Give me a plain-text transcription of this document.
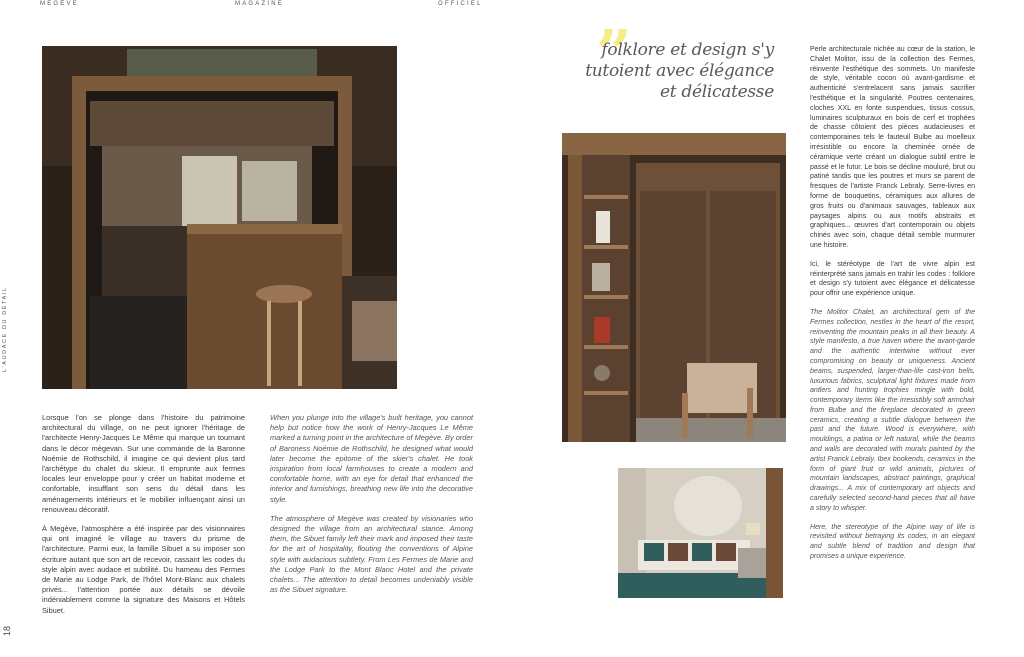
MEGÈVE	MAGAZINE	OFFICIEL
L'AUDACE DU DÉTAIL
18
”
folklore et design s'y tutoient avec élégance et délicatesse

Lorsque l'on se plonge dans l'histoire du patrimoine architectural du village, on ne peut ignorer l'héritage de l'architecte Henry-Jacques Le Même qui marque un tournant dans le décor mègevan. Sur une commande de la Baronne Noémie de Rothschild, il imagine ce qui devient plus tard l'archétype du chalet du skieur. Il emprunte aux fermes locales leur enveloppe pour y créer un habitat moderne et confortable, insufflant son sens du détail dans les aménagements intérieurs et le mobilier influençant ainsi un renouveau décoratif.

À Megève, l'atmosphère a été inspirée par des visionnaires qui ont imaginé le village au travers du prisme de l'architecture. Parmi eux, la famille Sibuet a su imposer son écriture autant que son art de recevoir, cassant les codes du style alpin avec audace et subtilité. Du hameau des Fermes de Marie au Lodge Park, de l'hôtel Mont-Blanc aux chalets privés... l'attention portée aux détails se dévoile indéniablement comme la signature des Maisons et Hôtels Sibuet.

When you plunge into the village's built heritage, you cannot help but notice how the work of Henry-Jacques Le Même marked a turning point in the architecture of Megève. By order of Baroness Noémie de Rothschild, he designed what would later become the epitome of the skier's chalet. He took inspiration from local farmhouses to create a modern and comfortable home, with an eye for detail that enhanced the interior and furnishings, breathing new life into the decorative style.

The atmosphere of Megève was created by visionaries who designed the village from an architectural stance. Among them, the Sibuet family left their mark and imposed their taste for the art of hospitality, flouting the conventions of Alpine style with audacious subtlety. From Les Fermes de Marie and the Lodge Park to the Mont Blanc Hotel and the private chalets... The attention to detail becomes undeniably visible as the Sibuet signature.

Perle architecturale nichée au cœur de la station, le Chalet Molitor, issu de la collection des Fermes, réinvente l'esthétique des sommets. Un manifeste de style, véritable cocon où avant-gardisme et authenticité s'entrelacent sans jamais sacrifier l'esthétique et la singularité. Poutres centenaires, cloches XXL en fonte suspendues, tissus cossus, luminaires sculpturaux en bois de cerf et trophées de chasse côtoient des pièces audacieuses et contemporaines tels le fauteuil Bulbe au moelleux irrésistible ou encore la cheminée ornée de céramique verte créant un dialogue subtil entre le passé et le futur. Le bois se décline mouluré, brut ou patiné tandis que les poutres et murs se parent de fresques de l'artiste Franck Lebraly. Serre-livres en forme de bouquetins, céramiques aux allures de gros fruits ou d'animaux sauvages, tableaux aux paysages alpins ou aux motifs abstraits et graphiques... œuvres d'art contemporain ou objets chinés avec soin, chaque détail semble murmurer une histoire.

Ici, le stéréotype de l'art de vivre alpin est réinterprété sans jamais en trahir les codes : folklore et design s'y tutoient avec élégance et délicatesse pour offrir une expérience unique.

The Molitor Chalet, an architectural gem of the Fermes collection, nestles in the heart of the resort, reinventing the mountain peaks in all their beauty. A style manifesto, a true haven where the avant-garde and the authentic intertwine without ever compromising on beauty or uniqueness. Ancient beams, suspended, larger-than-life cast-iron bells, luxurious fabrics, sculptural light fixtures made from antlers and hunting trophies mingle with bold, contemporary items like the irresistibly soft armchair from Bulbe and the fireplace decorated in green ceramics, creating a subtle dialogue between the past and the future. Wood is everywhere, with mouldings, a patina or left natural, while the beams and walls are decorated with murals painted by the artist Franck Lebraly. Ibex bookends, ceramics in the form of giant fruit or wild animals, pictures of mountain landscapes, abstract paintings, graphical drawings... A mix of contemporary art objects and carefully selected second-hand pieces that all have a story to whisper.

Here, the stereotype of the Alpine way of life is revisited without betraying its codes, in an elegant and subtle blend of tradition and design that promises a unique experience.
